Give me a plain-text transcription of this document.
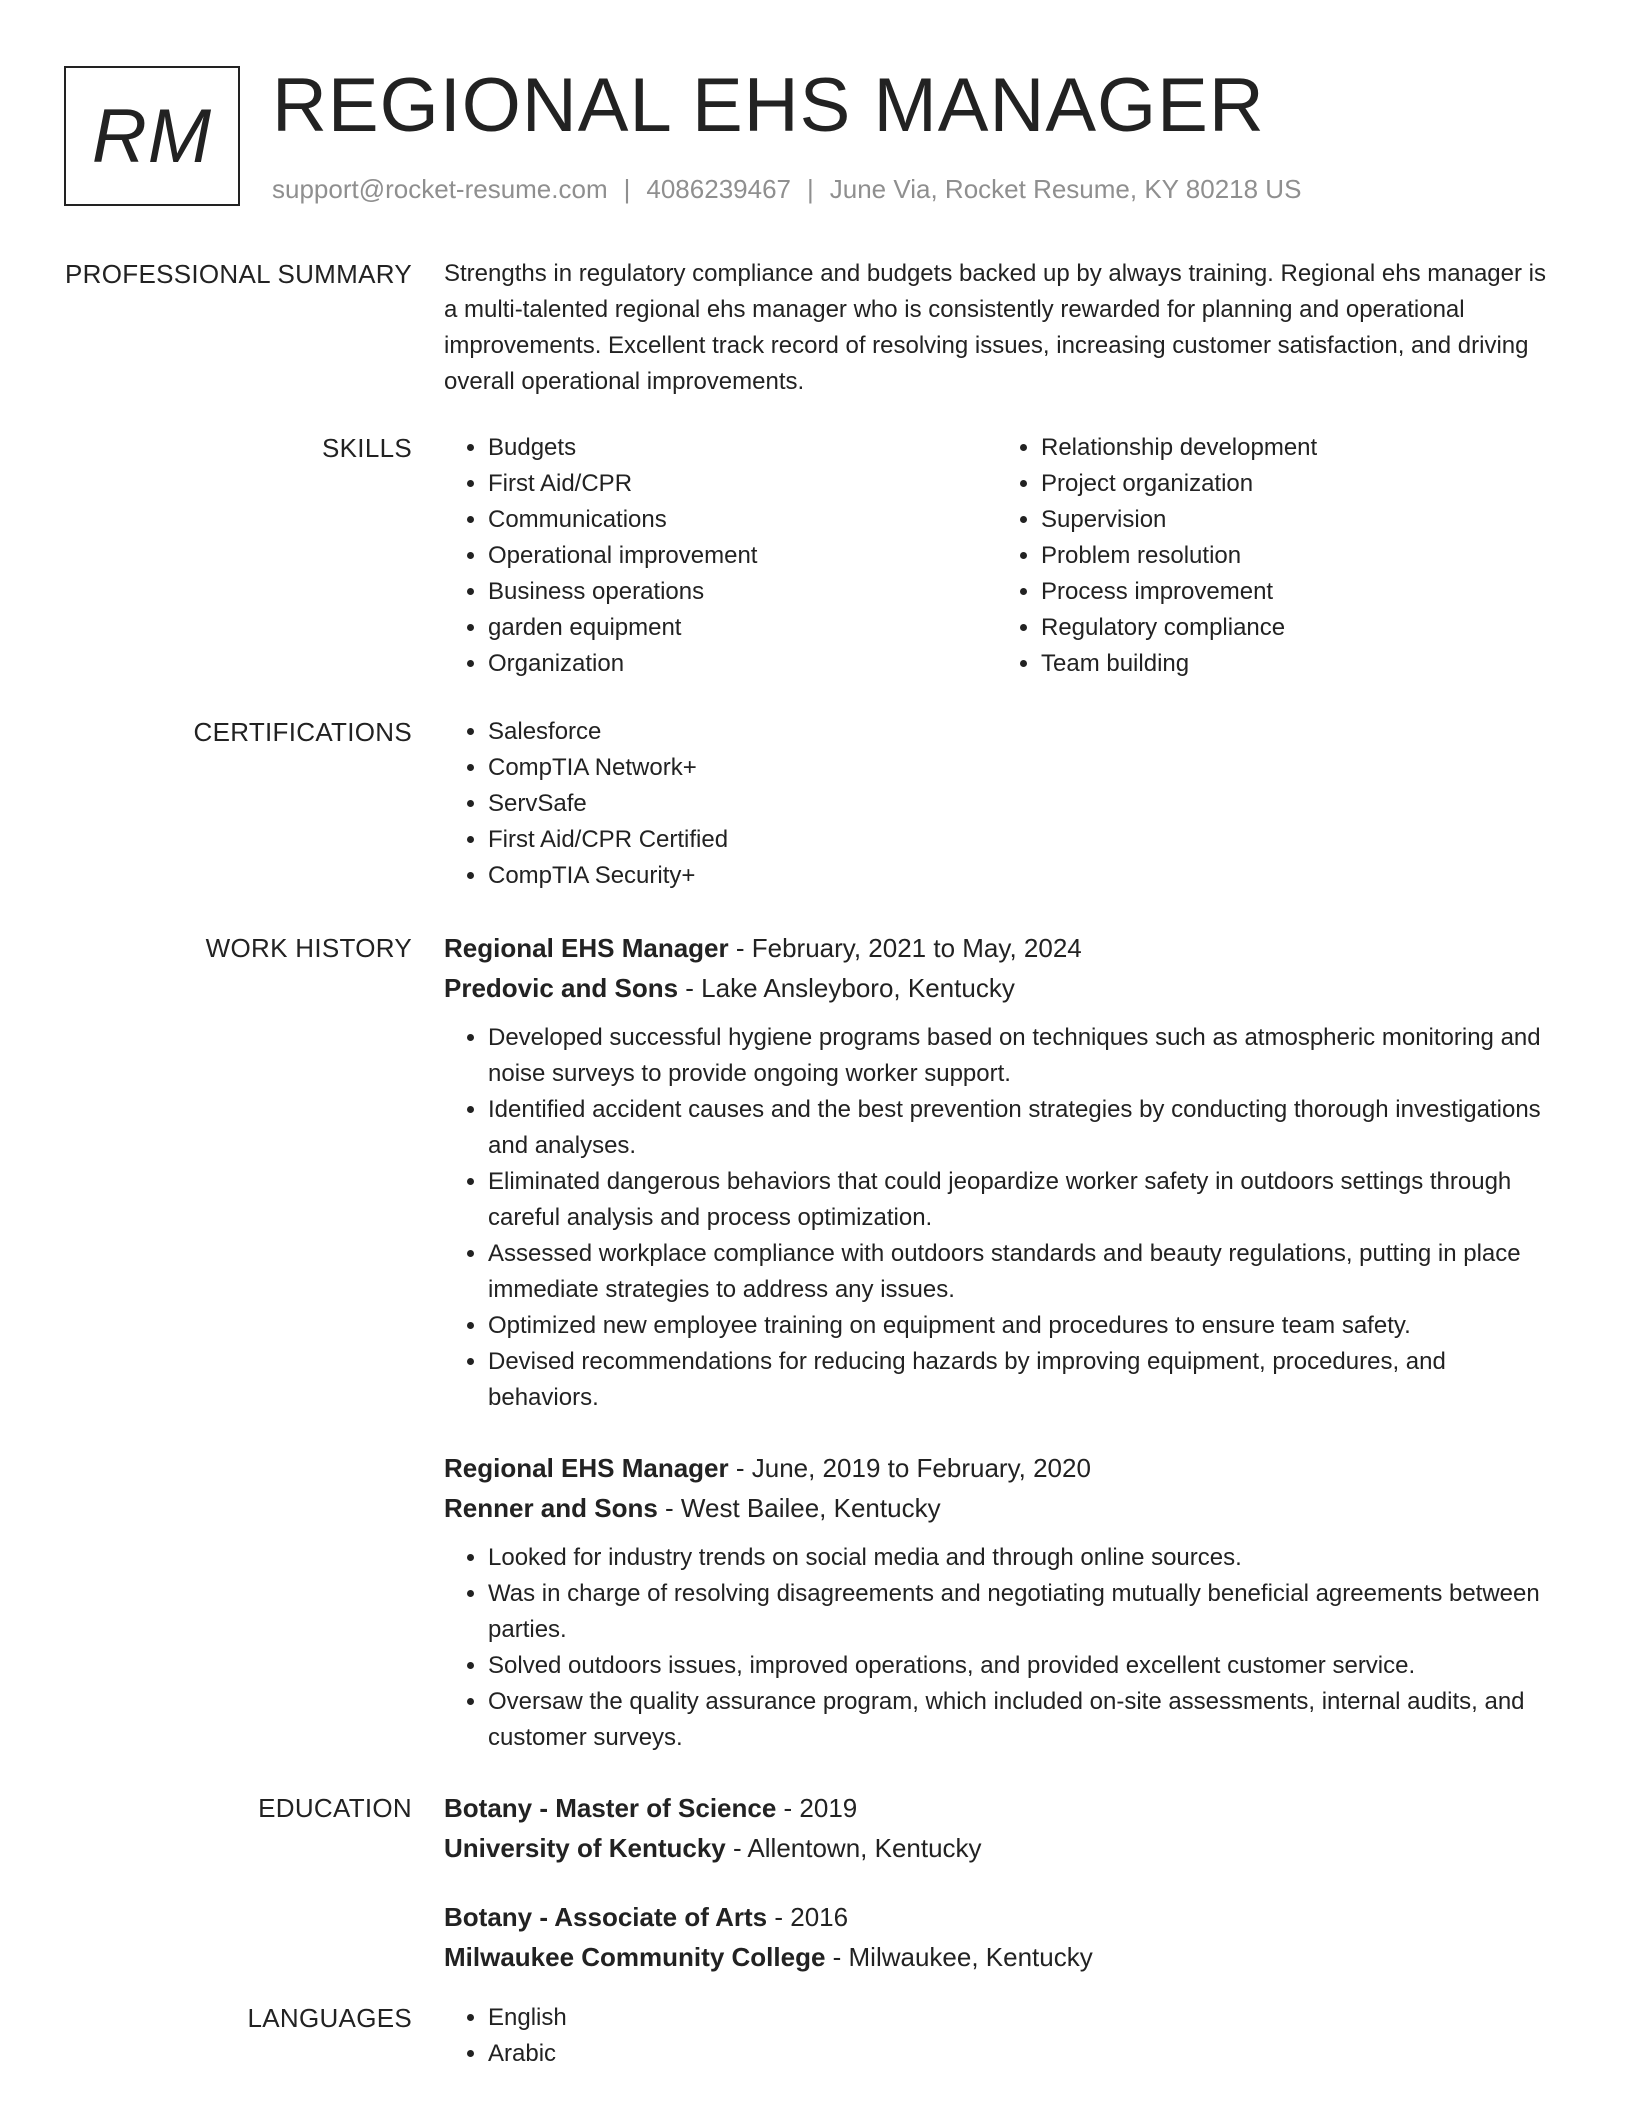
RM REGIONAL EHS MANAGER
support@rocket-resume.com | 4086239467 | June Via, Rocket Resume, KY 80218 US
PROFESSIONAL SUMMARY Strengths in regulatory compliance and budgets backed up by always training. Regional ehs manager is a multi-talented regional ehs manager who is consistently rewarded for planning and operational improvements. Excellent track record of resolving issues, increasing customer satisfaction, and driving overall operational improvements.
SKILLS	• Budgets
• First Aid/CPR
• Communications
• Operational improvement
• Business operations
• garden equipment
• Organization
• Relationship development
• Project organization
• Supervision
• Problem resolution
• Process improvement
• Regulatory compliance
• Team building
CERTIFICATIONS	• Salesforce
• CompTIA Network+
• ServSafe
• First Aid/CPR Certified
• CompTIA Security+
WORK HISTORY Regional EHS Manager - February, 2021 to May, 2024
Predovic and Sons - Lake Ansleyboro, Kentucky
• Developed successful hygiene programs based on techniques such as atmospheric monitoring and noise surveys to provide ongoing worker support.
• Identified accident causes and the best prevention strategies by conducting thorough investigations and analyses.
• Eliminated dangerous behaviors that could jeopardize worker safety in outdoors settings through careful analysis and process optimization.
• Assessed workplace compliance with outdoors standards and beauty regulations, putting in place immediate strategies to address any issues.
• Optimized new employee training on equipment and procedures to ensure team safety.
• Devised recommendations for reducing hazards by improving equipment, procedures, and behaviors.
Regional EHS Manager - June, 2019 to February, 2020
Renner and Sons - West Bailee, Kentucky
• Looked for industry trends on social media and through online sources.
• Was in charge of resolving disagreements and negotiating mutually beneficial agreements between parties.
• Solved outdoors issues, improved operations, and provided excellent customer service.
• Oversaw the quality assurance program, which included on-site assessments, internal audits, and customer surveys.
EDUCATION Botany - Master of Science - 2019
University of Kentucky - Allentown, Kentucky
Botany - Associate of Arts - 2016
Milwaukee Community College - Milwaukee, Kentucky
LANGUAGES	• English
• Arabic
